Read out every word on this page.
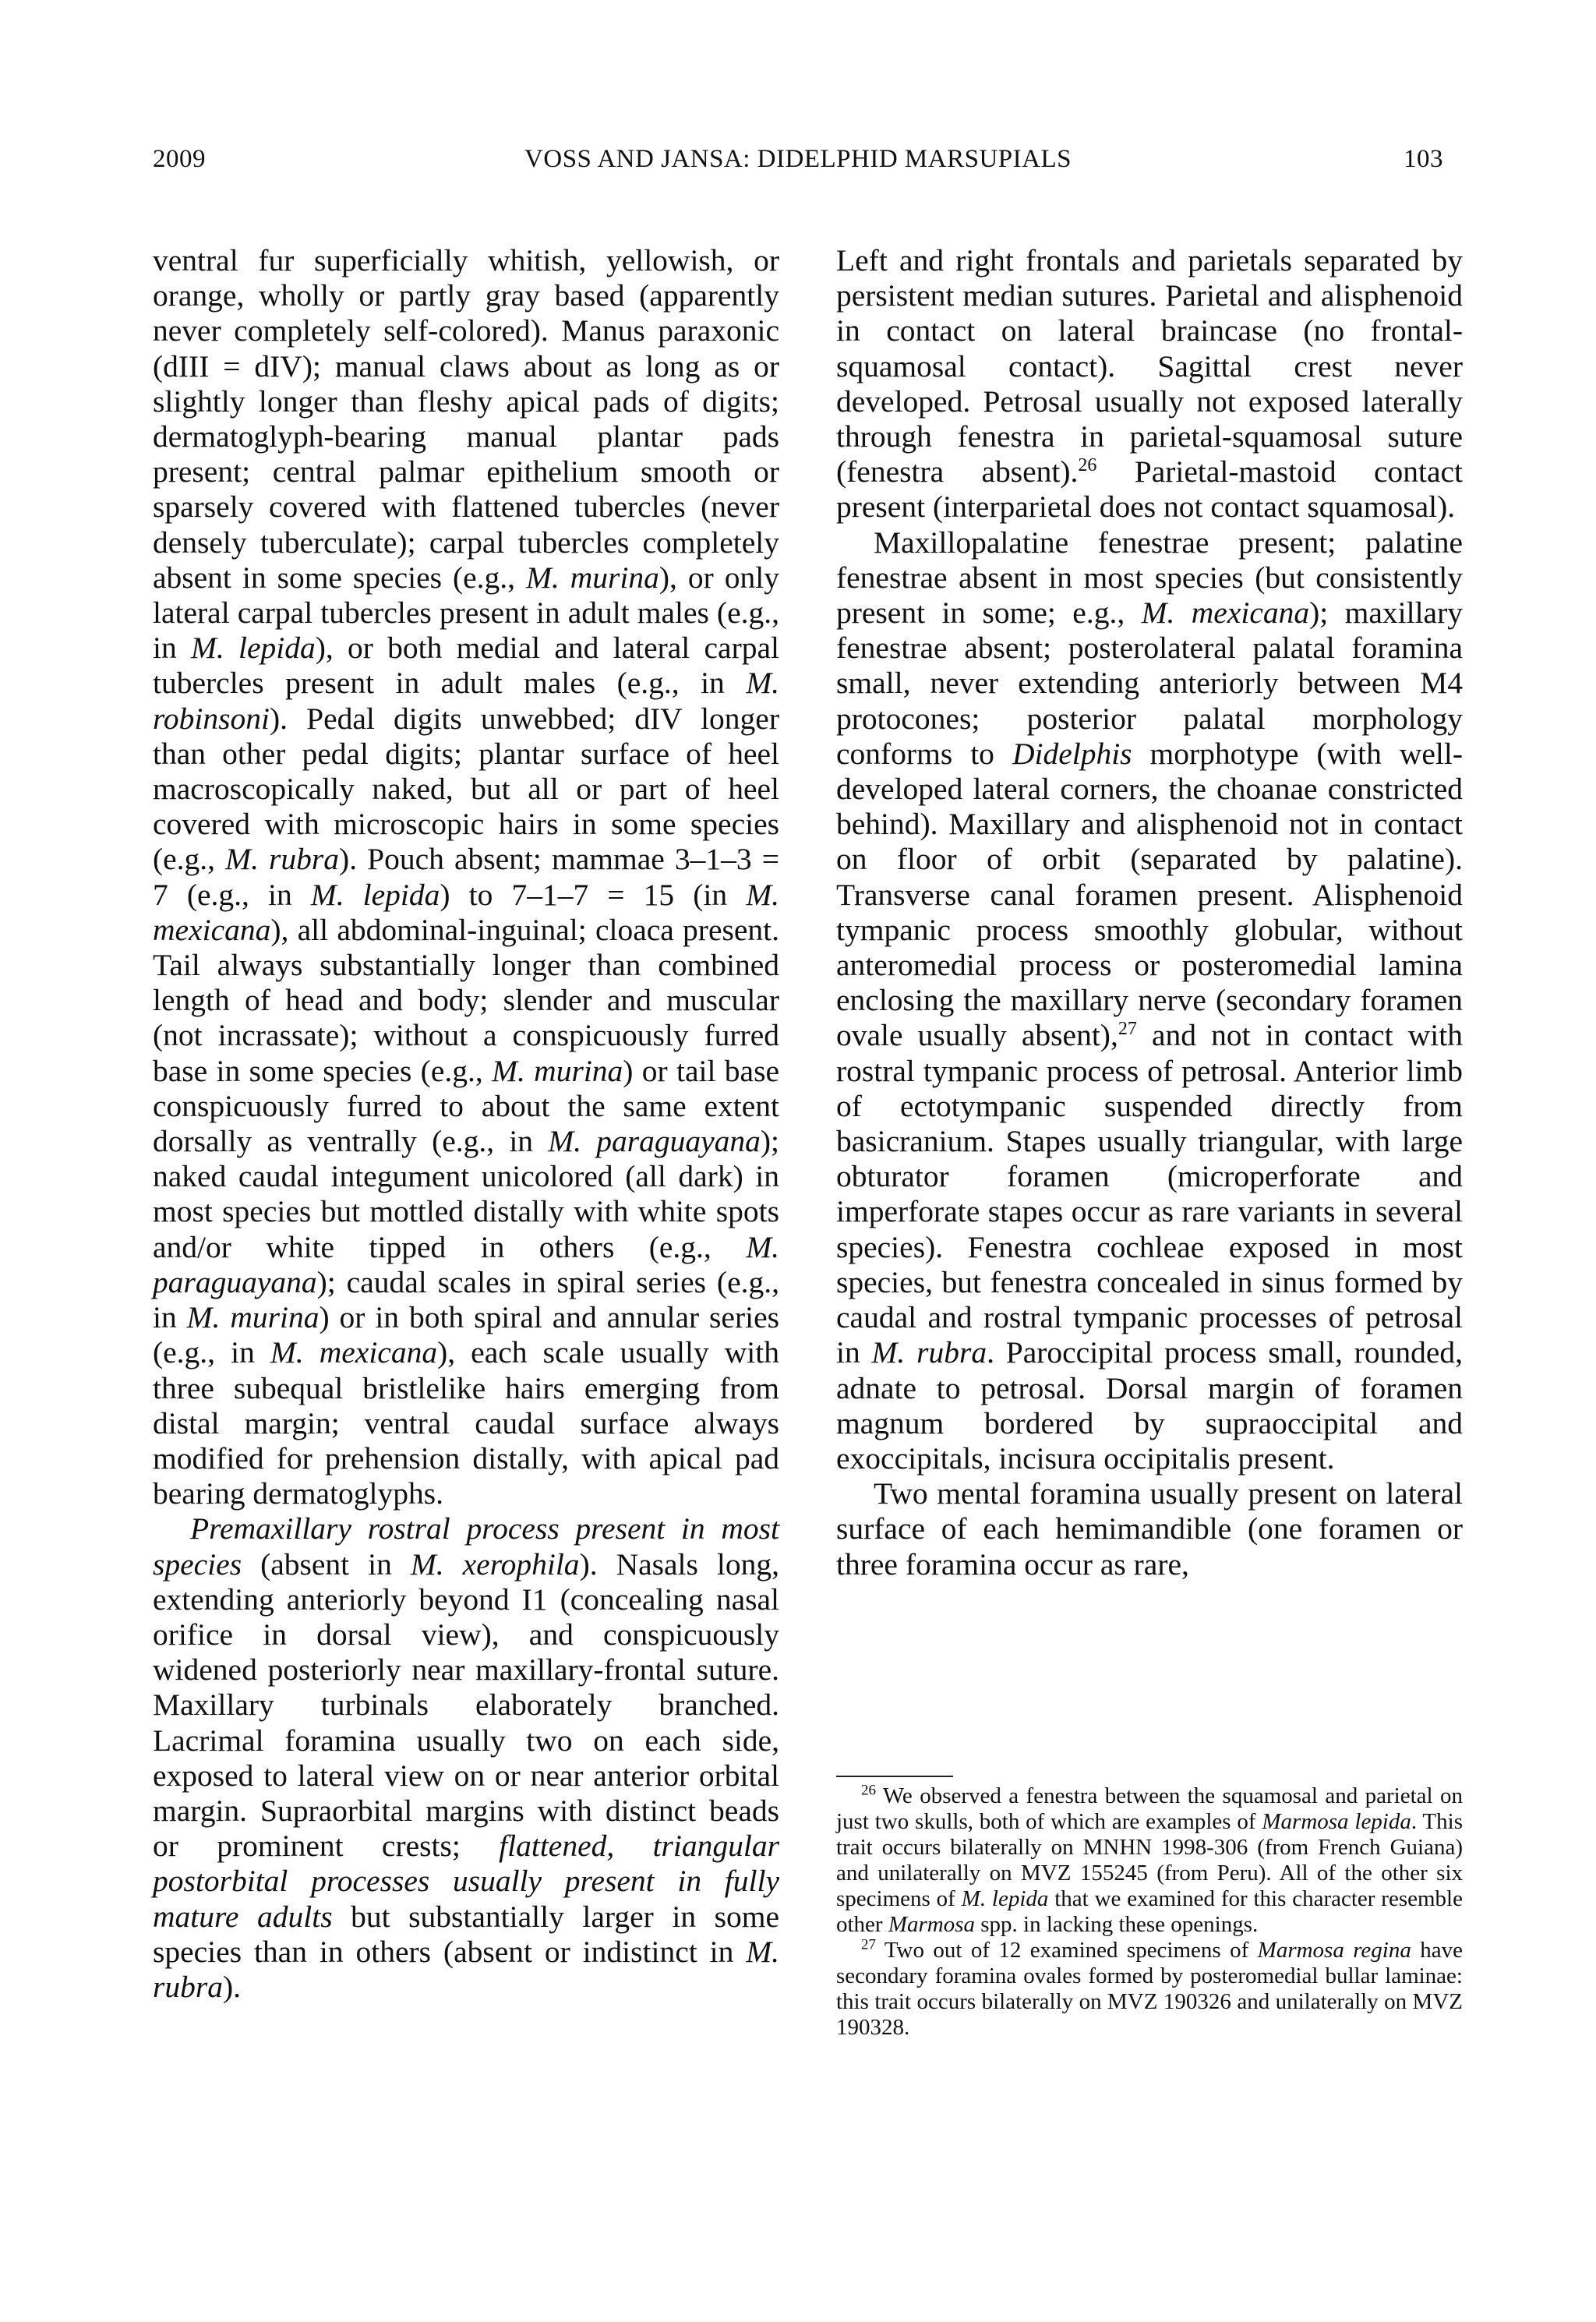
2009	VOSS AND JANSA: DIDELPHID MARSUPIALS	103

ventral fur superficially whitish, yellowish, or orange, wholly or partly gray based (apparently never completely self-colored). Manus paraxonic (dIII = dIV); manual claws about as long as or slightly longer than fleshy apical pads of digits; dermatoglyph-bearing manual plantar pads present; central palmar epithelium smooth or sparsely covered with flattened tubercles (never densely tuberculate); carpal tubercles completely absent in some species (e.g., M. murina), or only lateral carpal tubercles present in adult males (e.g., in M. lepida), or both medial and lateral carpal tubercles present in adult males (e.g., in M. robinsoni). Pedal digits unwebbed; dIV longer than other pedal digits; plantar surface of heel macroscopically naked, but all or part of heel covered with microscopic hairs in some species (e.g., M. rubra). Pouch absent; mammae 3–1–3 = 7 (e.g., in M. lepida) to 7–1–7 = 15 (in M. mexicana), all abdominal-inguinal; cloaca present. Tail always substantially longer than combined length of head and body; slender and muscular (not incrassate); without a conspicuously furred base in some species (e.g., M. murina) or tail base conspicuously furred to about the same extent dorsally as ventrally (e.g., in M. paraguayana); naked caudal integument unicolored (all dark) in most species but mottled distally with white spots and/or white tipped in others (e.g., M. paraguayana); caudal scales in spiral series (e.g., in M. murina) or in both spiral and annular series (e.g., in M. mexicana), each scale usually with three subequal bristlelike hairs emerging from distal margin; ventral caudal surface always modified for prehension distally, with apical pad bearing dermatoglyphs.

Premaxillary rostral process present in most species (absent in M. xerophila). Nasals long, extending anteriorly beyond I1 (concealing nasal orifice in dorsal view), and conspicuously widened posteriorly near maxillary-frontal suture. Maxillary turbinals elaborately branched. Lacrimal foramina usually two on each side, exposed to lateral view on or near anterior orbital margin. Supraorbital margins with distinct beads or prominent crests; flattened, triangular postorbital processes usually present in fully mature adults but substantially larger in some species than in others (absent or indistinct in M. rubra).

Left and right frontals and parietals separated by persistent median sutures. Parietal and alisphenoid in contact on lateral braincase (no frontal-squamosal contact). Sagittal crest never developed. Petrosal usually not exposed laterally through fenestra in parietal-squamosal suture (fenestra absent).$^{26}$ Parietal-mastoid contact present (interparietal does not contact squamosal).

Maxillopalatine fenestrae present; palatine fenestrae absent in most species (but consistently present in some; e.g., M. mexicana); maxillary fenestrae absent; posterolateral palatal foramina small, never extending anteriorly between M4 protocones; posterior palatal morphology conforms to Didelphis morphotype (with well-developed lateral corners, the choanae constricted behind). Maxillary and alisphenoid not in contact on floor of orbit (separated by palatine). Transverse canal foramen present. Alisphenoid tympanic process smoothly globular, without anteromedial process or posteromedial lamina enclosing the maxillary nerve (secondary foramen ovale usually absent),$^{27}$ and not in contact with rostral tympanic process of petrosal. Anterior limb of ectotympanic suspended directly from basicranium. Stapes usually triangular, with large obturator foramen (microperforate and imperforate stapes occur as rare variants in several species). Fenestra cochleae exposed in most species, but fenestra concealed in sinus formed by caudal and rostral tympanic processes of petrosal in M. rubra. Paroccipital process small, rounded, adnate to petrosal. Dorsal margin of foramen magnum bordered by supraoccipital and exoccipitals, incisura occipitalis present.

Two mental foramina usually present on lateral surface of each hemimandible (one foramen or three foramina occur as rare,

$^{26}$ We observed a fenestra between the squamosal and parietal on just two skulls, both of which are examples of Marmosa lepida. This trait occurs bilaterally on MNHN 1998-306 (from French Guiana) and unilaterally on MVZ 155245 (from Peru). All of the other six specimens of M. lepida that we examined for this character resemble other Marmosa spp. in lacking these openings.

$^{27}$ Two out of 12 examined specimens of Marmosa regina have secondary foramina ovales formed by posteromedial bullar laminae: this trait occurs bilaterally on MVZ 190326 and unilaterally on MVZ 190328.
